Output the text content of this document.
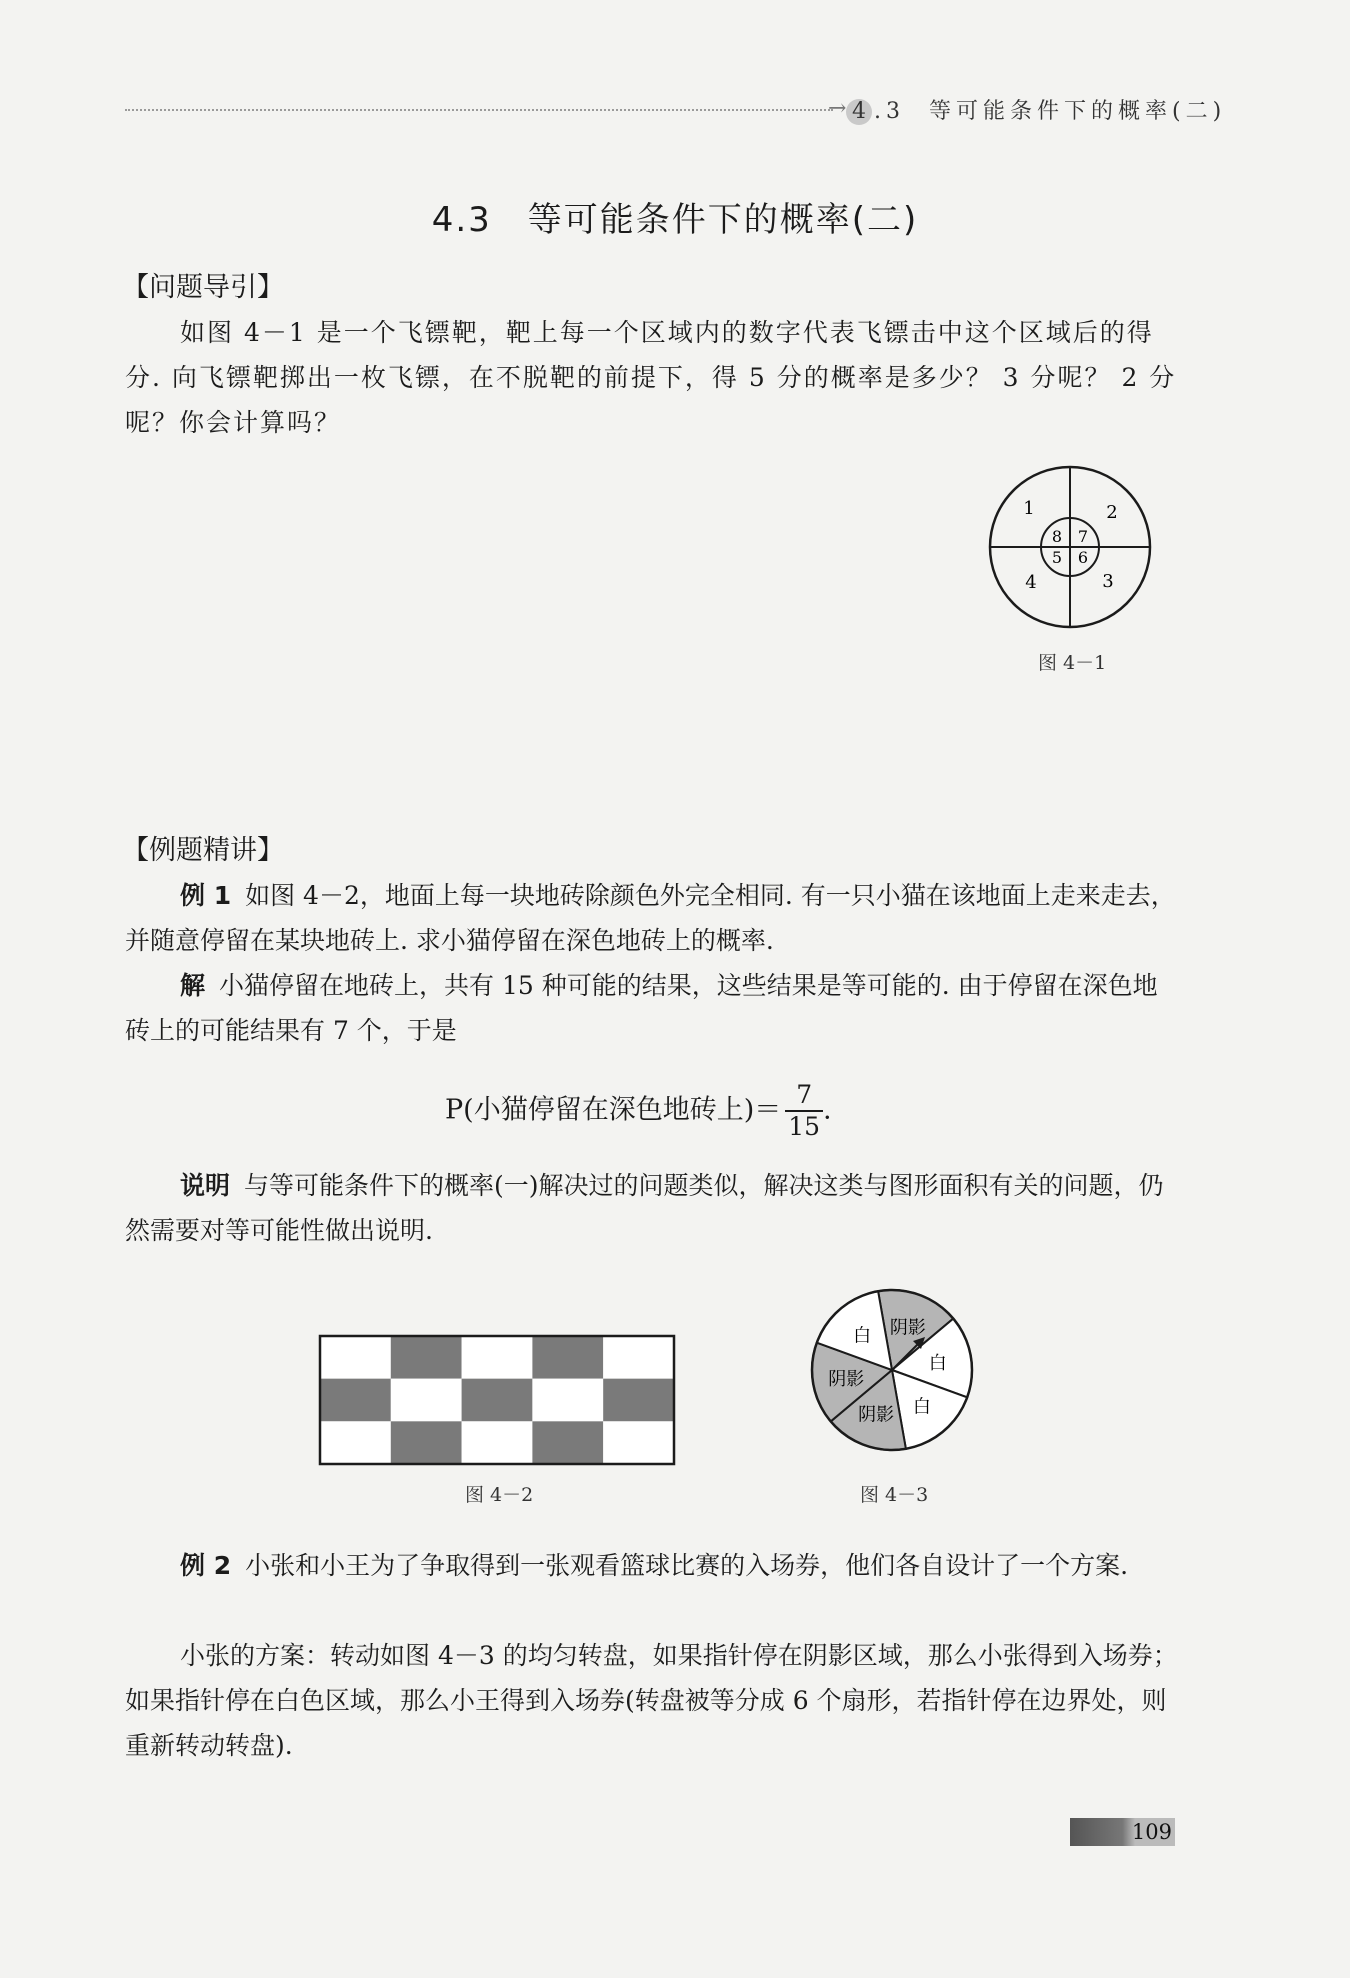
→ 4 .3 等可能条件下的概率(二)
4.3　等可能条件下的概率(二)
【问题导引】

如图 4－1 是一个飞镖靶，靶上每一个区域内的数字代表飞镖击中这个区域后的得分. 向飞镖靶掷出一枚飞镖，在不脱靶的前提下，得 5 分的概率是多少？ 3 分呢？ 2 分呢？你会计算吗？

1	2
4	3
8 7
5 6
图 4－1
【例题精讲】

例 1 如图 4－2，地面上每一块地砖除颜色外完全相同. 有一只小猫在该地面上走来走去，并随意停留在某块地砖上. 求小猫停留在深色地砖上的概率.

解 小猫停留在地砖上，共有 15 种可能的结果，这些结果是等可能的. 由于停留在深色地砖上的可能结果有 7 个，于是

P(小猫停留在深色地砖上)＝ $\frac{7}{15}$ .

说明 与等可能条件下的概率(一)解决过的问题类似，解决这类与图形面积有关的问题，仍然需要对等可能性做出说明.

图 4－2
阴影
白
白
阴影
阴影
白
图 4－3

例 2 小张和小王为了争取得到一张观看篮球比赛的入场券，他们各自设计了一个方案.

小张的方案：转动如图 4－3 的均匀转盘，如果指针停在阴影区域，那么小张得到入场券；如果指针停在白色区域，那么小王得到入场券(转盘被等分成 6 个扇形，若指针停在边界处，则重新转动转盘).

109
